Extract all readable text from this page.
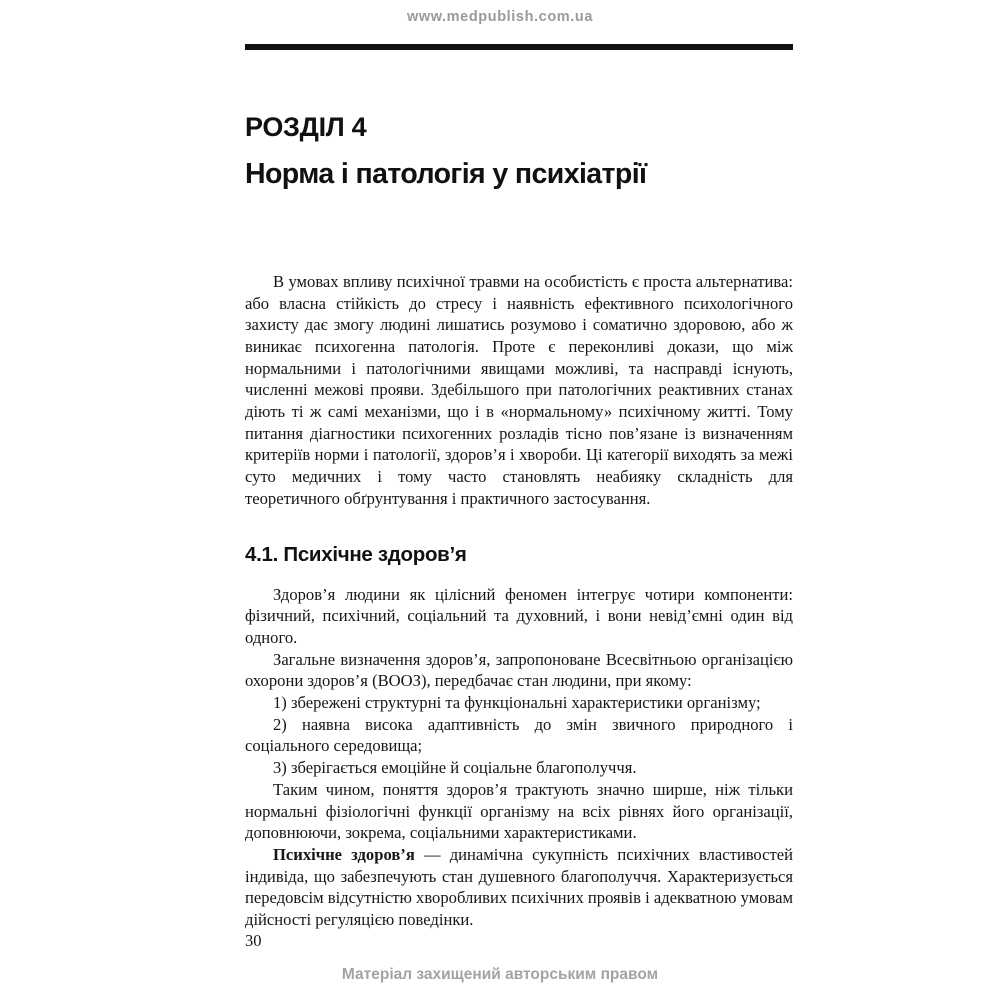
www.medpublish.com.ua
РОЗДІЛ 4
Норма і патологія у психіатрії

В умовах впливу психічної травми на особистість є проста альтернатива: або власна стійкість до стресу і наявність ефективного психологічного захисту дає змогу людині лишатись розумово і соматично здоровою, або ж виникає психогенна патологія. Проте є переконливі докази, що між нормальними і патологічними явищами можливі, та насправді існують, численні межові прояви. Здебільшого при патологічних реактивних станах діють ті ж самі механізми, що і в «нормальному» психічному житті. Тому питання діагностики психогенних розладів тісно пов’язане із визначенням критеріїв норми і патології, здоров’я і хвороби. Ці категорії виходять за межі суто медичних і тому часто становлять неабияку складність для теоретичного обґрунтування і практичного застосування.

4.1. Психічне здоров’я

Здоров’я людини як цілісний феномен інтегрує чотири компоненти: фізичний, психічний, соціальний та духовний, і вони невід’ємні один від одного.

Загальне визначення здоров’я, запропоноване Всесвітньою організацією охорони здоров’я (ВООЗ), передбачає стан людини, при якому:

1) збережені структурні та функціональні характеристики організму;

2) наявна висока адаптивність до змін звичного природного і соціального середовища;

3) зберігається емоційне й соціальне благополуччя.

Таким чином, поняття здоров’я трактують значно ширше, ніж тільки нормальні фізіологічні функції організму на всіх рівнях його організації, доповнюючи, зокрема, соціальними характеристиками.

Психічне здоров’я — динамічна сукупність психічних властивостей індивіда, що забезпечують стан душевного благополуччя. Характеризується передовсім відсутністю хворобливих психічних проявів і адекватною умовам дійсності регуляцією поведінки.

30
Матеріал захищений авторським правом
